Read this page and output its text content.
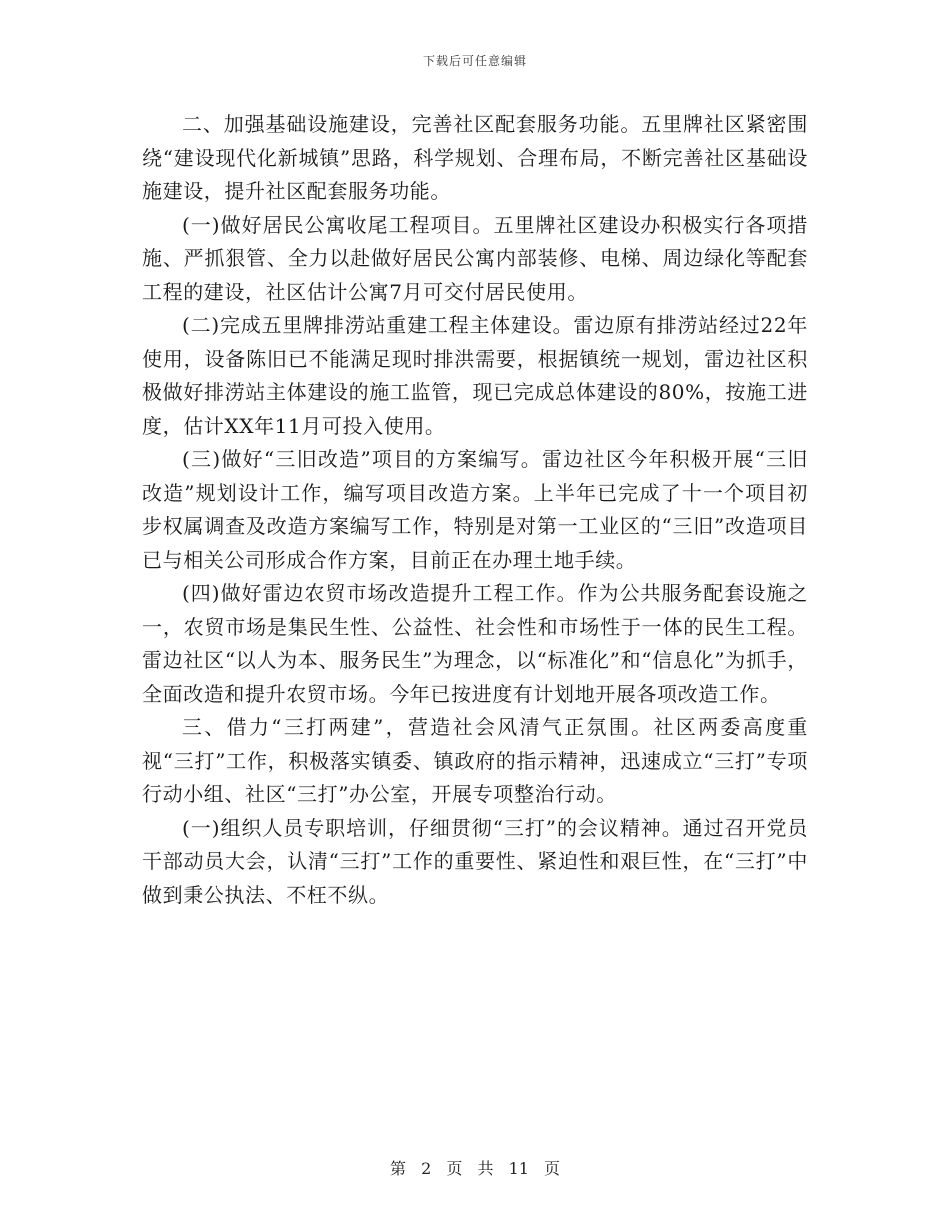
下载后可任意编辑

二、加强基础设施建设，完善社区配套服务功能。五里牌社区紧密围绕“建设现代化新城镇”思路，科学规划、合理布局，不断完善社区基础设施建设，提升社区配套服务功能。

(一)做好居民公寓收尾工程项目。五里牌社区建设办积极实行各项措施、严抓狠管、全力以赴做好居民公寓内部装修、电梯、周边绿化等配套工程的建设，社区估计公寓7月可交付居民使用。

(二)完成五里牌排涝站重建工程主体建设。雷边原有排涝站经过22年使用，设备陈旧已不能满足现时排洪需要，根据镇统一规划，雷边社区积极做好排涝站主体建设的施工监管，现已完成总体建设的80%，按施工进度，估计XX年11月可投入使用。

(三)做好“三旧改造”项目的方案编写。雷边社区今年积极开展“三旧改造”规划设计工作，编写项目改造方案。上半年已完成了十一个项目初步权属调查及改造方案编写工作，特别是对第一工业区的“三旧”改造项目已与相关公司形成合作方案，目前正在办理土地手续。

(四)做好雷边农贸市场改造提升工程工作。作为公共服务配套设施之一，农贸市场是集民生性、公益性、社会性和市场性于一体的民生工程。雷边社区“以人为本、服务民生”为理念，以“标准化”和“信息化”为抓手，全面改造和提升农贸市场。今年已按进度有计划地开展各项改造工作。

三、借力“三打两建”，营造社会风清气正氛围。社区两委高度重视“三打”工作，积极落实镇委、镇政府的指示精神，迅速成立“三打”专项行动小组、社区“三打”办公室，开展专项整治行动。

(一)组织人员专职培训，仔细贯彻“三打”的会议精神。通过召开党员干部动员大会，认清“三打”工作的重要性、紧迫性和艰巨性，在“三打”中做到秉公执法、不枉不纵。

第 2 页 共 11 页
